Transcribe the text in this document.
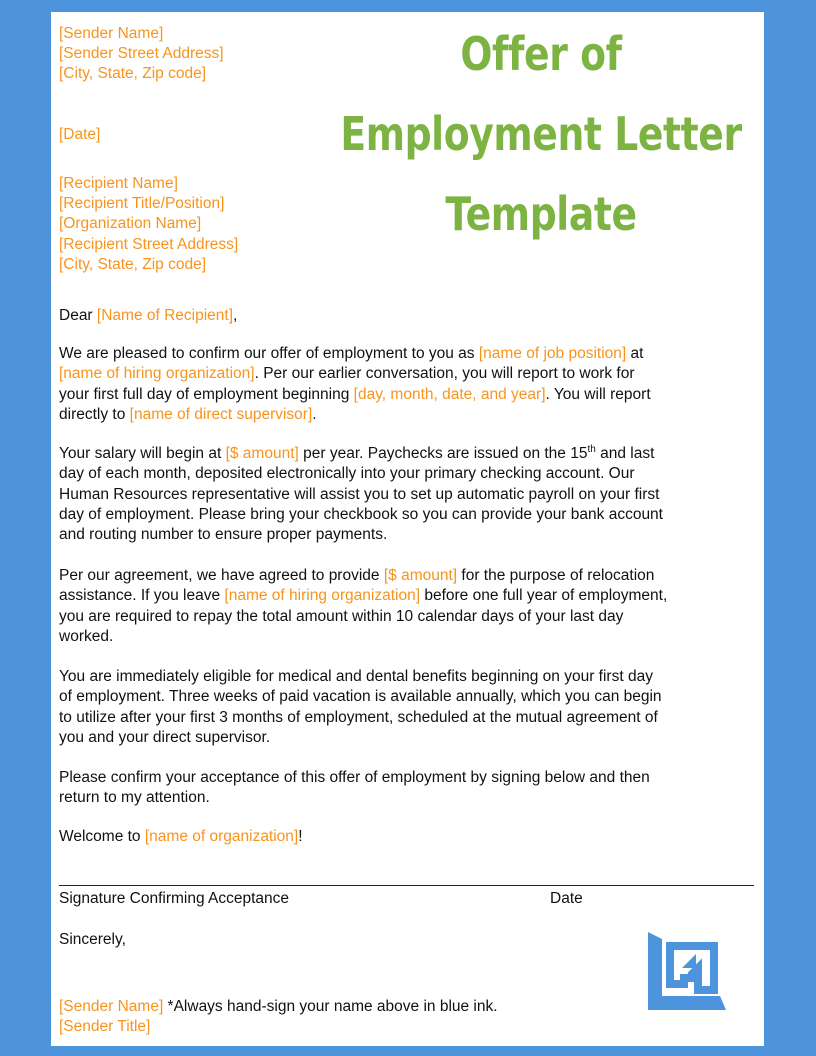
[Sender Name]
[Sender Street Address]
[City, State, Zip code]	Offer of
Employment Letter
Template
[Date]
[Recipient Name]
[Recipient Title/Position]
[Organization Name]
[Recipient Street Address]
[City, State, Zip code]
Dear [Name of Recipient],

We are pleased to confirm our offer of employment to you as [name of job position] at

[name of hiring organization]. Per our earlier conversation, you will report to work for

your first full day of employment beginning [day, month, date, and year]. You will report

directly to [name of direct supervisor].

Your salary will begin at [$ amount] per year. Paychecks are issued on the 15th and last

day of each month, deposited electronically into your primary checking account. Our

Human Resources representative will assist you to set up automatic payroll on your first

day of employment. Please bring your checkbook so you can provide your bank account

and routing number to ensure proper payments.

Per our agreement, we have agreed to provide [$ amount] for the purpose of relocation

assistance. If you leave [name of hiring organization] before one full year of employment,

you are required to repay the total amount within 10 calendar days of your last day

worked.

You are immediately eligible for medical and dental benefits beginning on your first day

of employment. Three weeks of paid vacation is available annually, which you can begin

to utilize after your first 3 months of employment, scheduled at the mutual agreement of

you and your direct supervisor.

Please confirm your acceptance of this offer of employment by signing below and then

return to my attention.

Welcome to [name of organization]!
Signature Confirming Acceptance	Date
Sincerely,
[Sender Name] *Always hand-sign your name above in blue ink.
[Sender Title]
